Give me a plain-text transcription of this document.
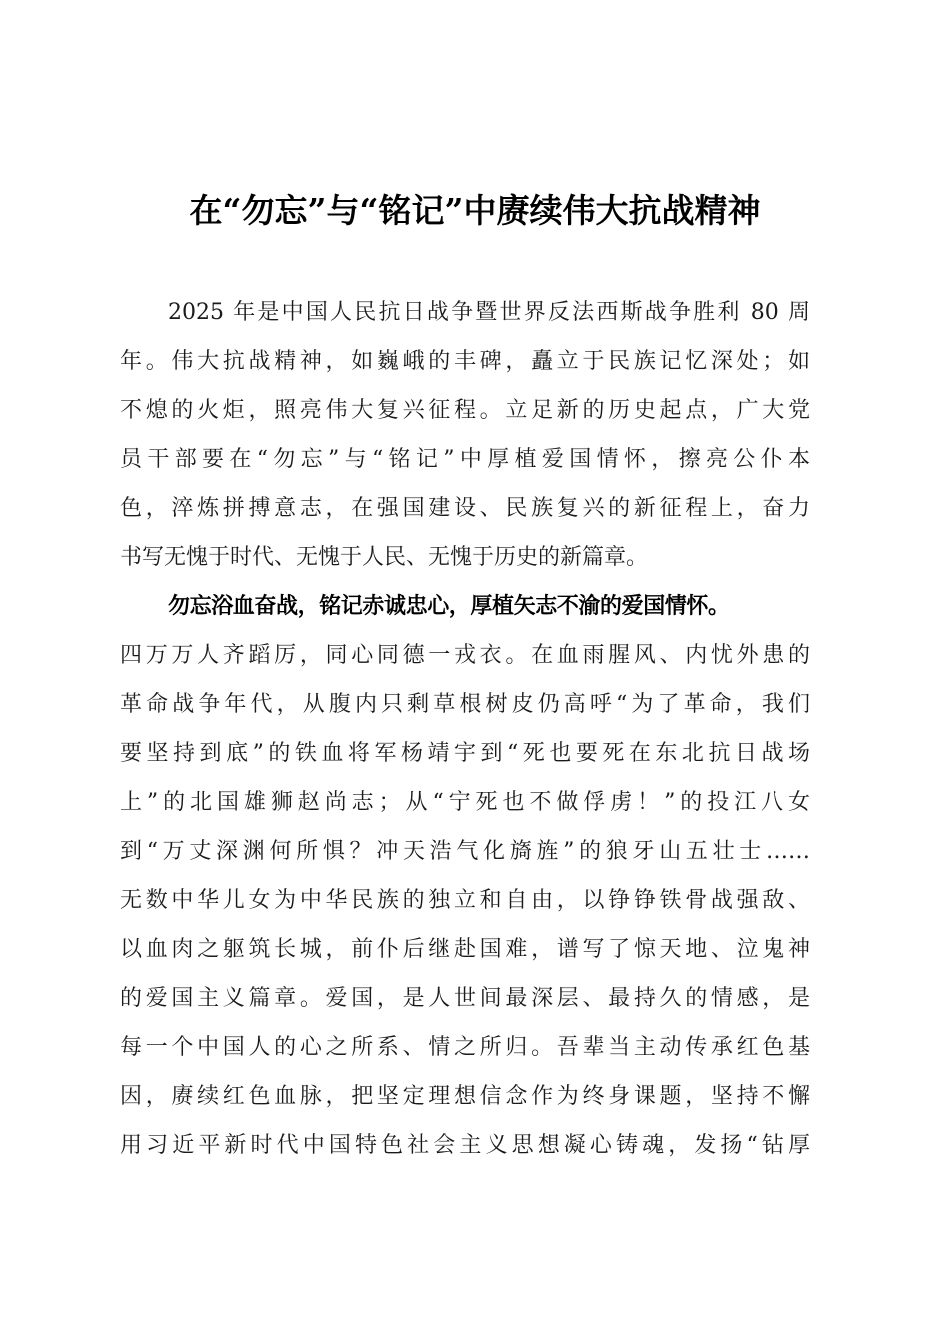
在“勿忘”与“铭记”中赓续伟大抗战精神
2025 年是中国人民抗日战争暨世界反法西斯战争胜利 80 周
年。伟大抗战精神，如巍峨的丰碑，矗立于民族记忆深处；如
不熄的火炬，照亮伟大复兴征程。立足新的历史起点，广大党
员干部要在“勿忘”与“铭记”中厚植爱国情怀，擦亮公仆本
色，淬炼拼搏意志，在强国建设、民族复兴的新征程上，奋力
书写无愧于时代、无愧于人民、无愧于历史的新篇章。
勿忘浴血奋战，铭记赤诚忠心，厚植矢志不渝的爱国情怀。
四万万人齐蹈厉，同心同德一戎衣。在血雨腥风、内忧外患的
革命战争年代，从腹内只剩草根树皮仍高呼“为了革命，我们
要坚持到底”的铁血将军杨靖宇到“死也要死在东北抗日战场
上”的北国雄狮赵尚志；从“宁死也不做俘虏！”的投江八女
到“万丈深渊何所惧？冲天浩气化旖旌”的狼牙山五壮士……
无数中华儿女为中华民族的独立和自由，以铮铮铁骨战强敌、
以血肉之躯筑长城，前仆后继赴国难，谱写了惊天地、泣鬼神
的爱国主义篇章。爱国，是人世间最深层、最持久的情感，是
每一个中国人的心之所系、情之所归。吾辈当主动传承红色基
因，赓续红色血脉，把坚定理想信念作为终身课题，坚持不懈
用习近平新时代中国特色社会主义思想凝心铸魂，发扬“钻厚
